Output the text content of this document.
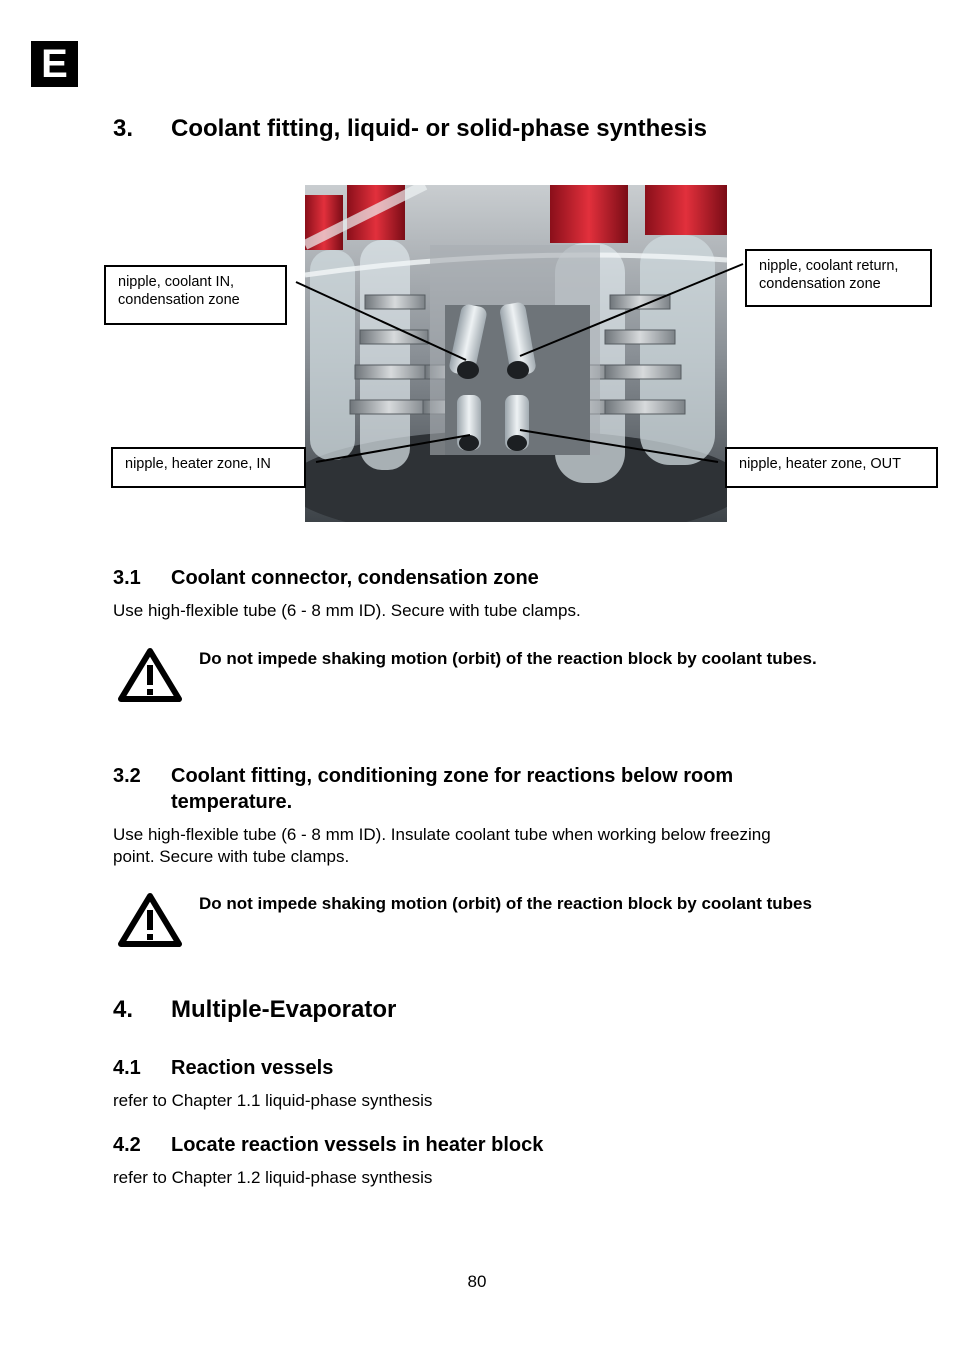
E
3.	Coolant fitting, liquid- or solid-phase synthesis
nipple, coolant IN, condensation zone
nipple, coolant return, condensation zone
nipple, heater zone, IN	nipple, heater zone, OUT
3.1	Coolant connector, condensation zone
Use high-flexible tube (6 - 8 mm ID). Secure with tube clamps.
Do not impede shaking motion (orbit) of the reaction block by coolant tubes.
3.2	Coolant fitting, conditioning zone for reactions below room temperature.
Use high-flexible tube (6 - 8 mm ID). Insulate coolant tube when working below freezing point. Secure with tube clamps.
Do not impede shaking motion (orbit) of the reaction block by coolant tubes
4.	Multiple-Evaporator
4.1	Reaction vessels
refer to Chapter 1.1 liquid-phase synthesis
4.2	Locate reaction vessels in heater block
refer to Chapter 1.2 liquid-phase synthesis
80
